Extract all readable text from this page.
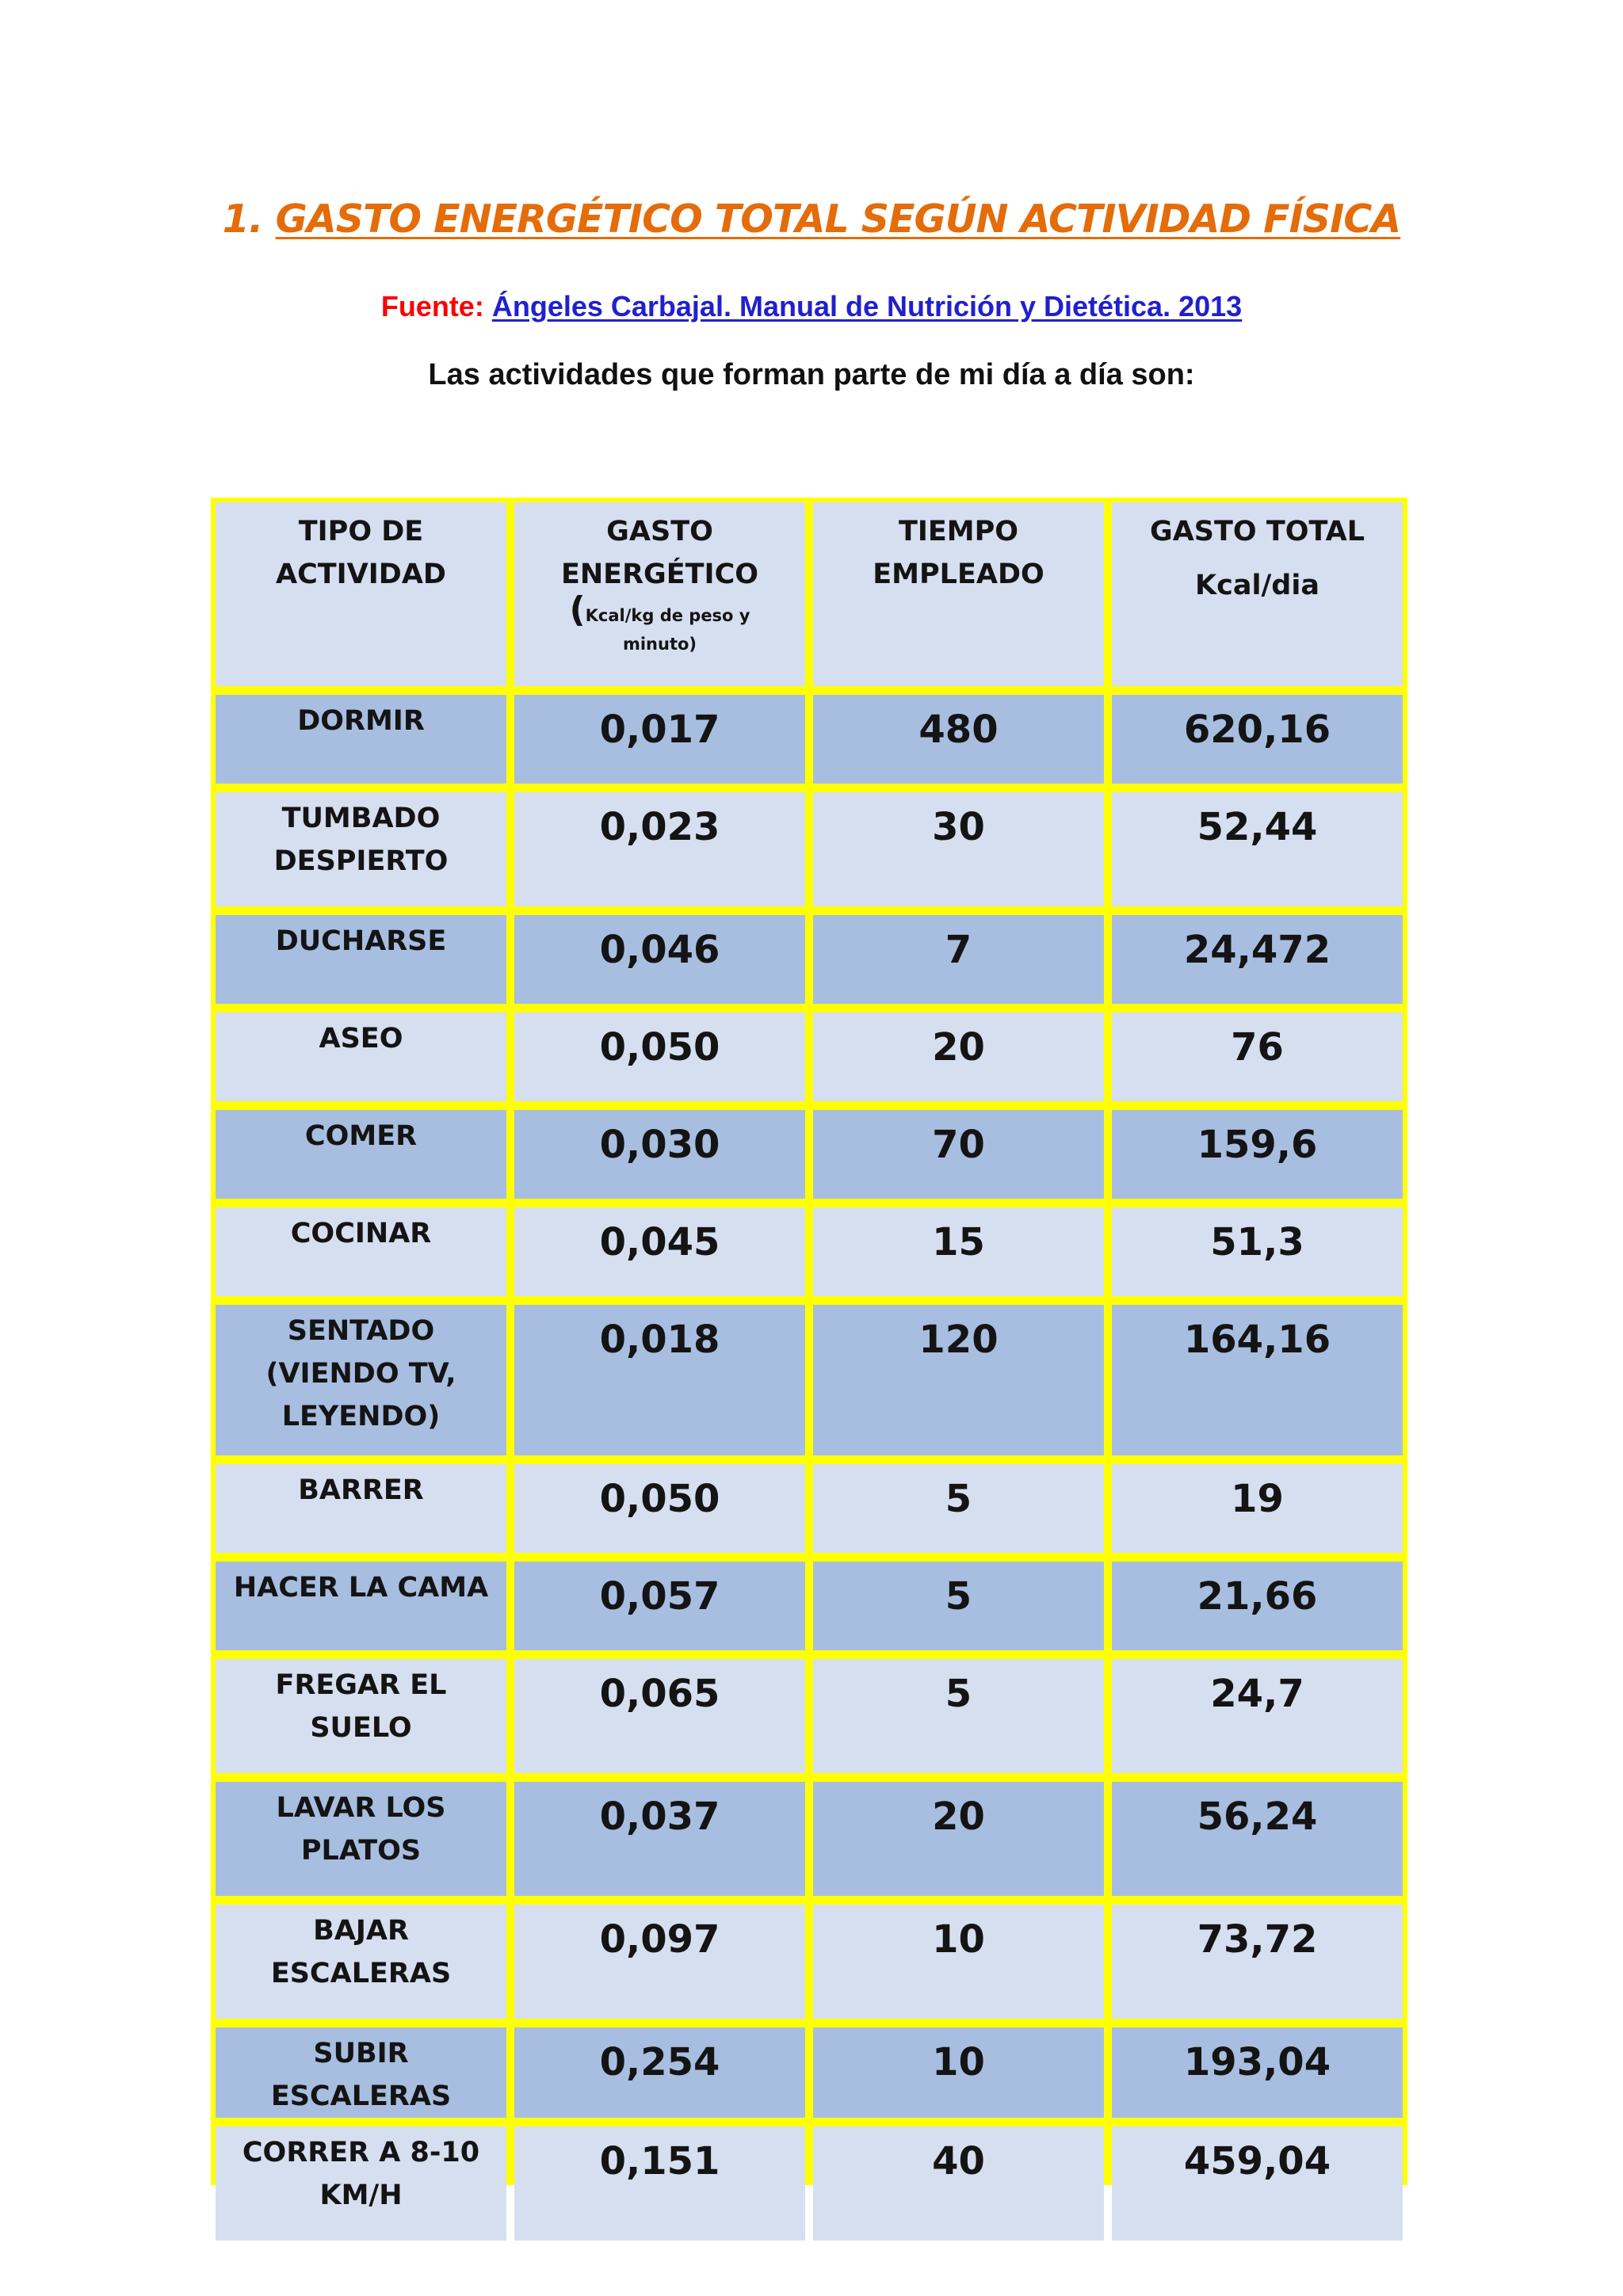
1. GASTO ENERGÉTICO TOTAL SEGÚN ACTIVIDAD FÍSICA
Fuente: Ángeles Carbajal. Manual de Nutrición y Dietética. 2013
Las actividades que forman parte de mi día a día son:
TIPO DE
ACTIVIDAD	GASTO
ENERGÉTICO

(Kcal/kg de peso y
minuto)	TIEMPO
EMPLEADO	GASTO TOTAL
Kcal/dia
DORMIR	0,017	480	620,16
TUMBADO
DESPIERTO	0,023	30	52,44
DUCHARSE	0,046	7	24,472
ASEO	0,050	20	76
COMER	0,030	70	159,6
COCINAR	0,045	15	51,3
SENTADO
(VIENDO TV,
LEYENDO)	0,018	120	164,16
BARRER	0,050	5	19
HACER LA CAMA	0,057	5	21,66
FREGAR EL
SUELO	0,065	5	24,7
LAVAR LOS
PLATOS	0,037	20	56,24
BAJAR
ESCALERAS	0,097	10	73,72
SUBIR ESCALERAS	0,254	10	193,04
CORRER A 8-10
KM/H	0,151	40	459,04
